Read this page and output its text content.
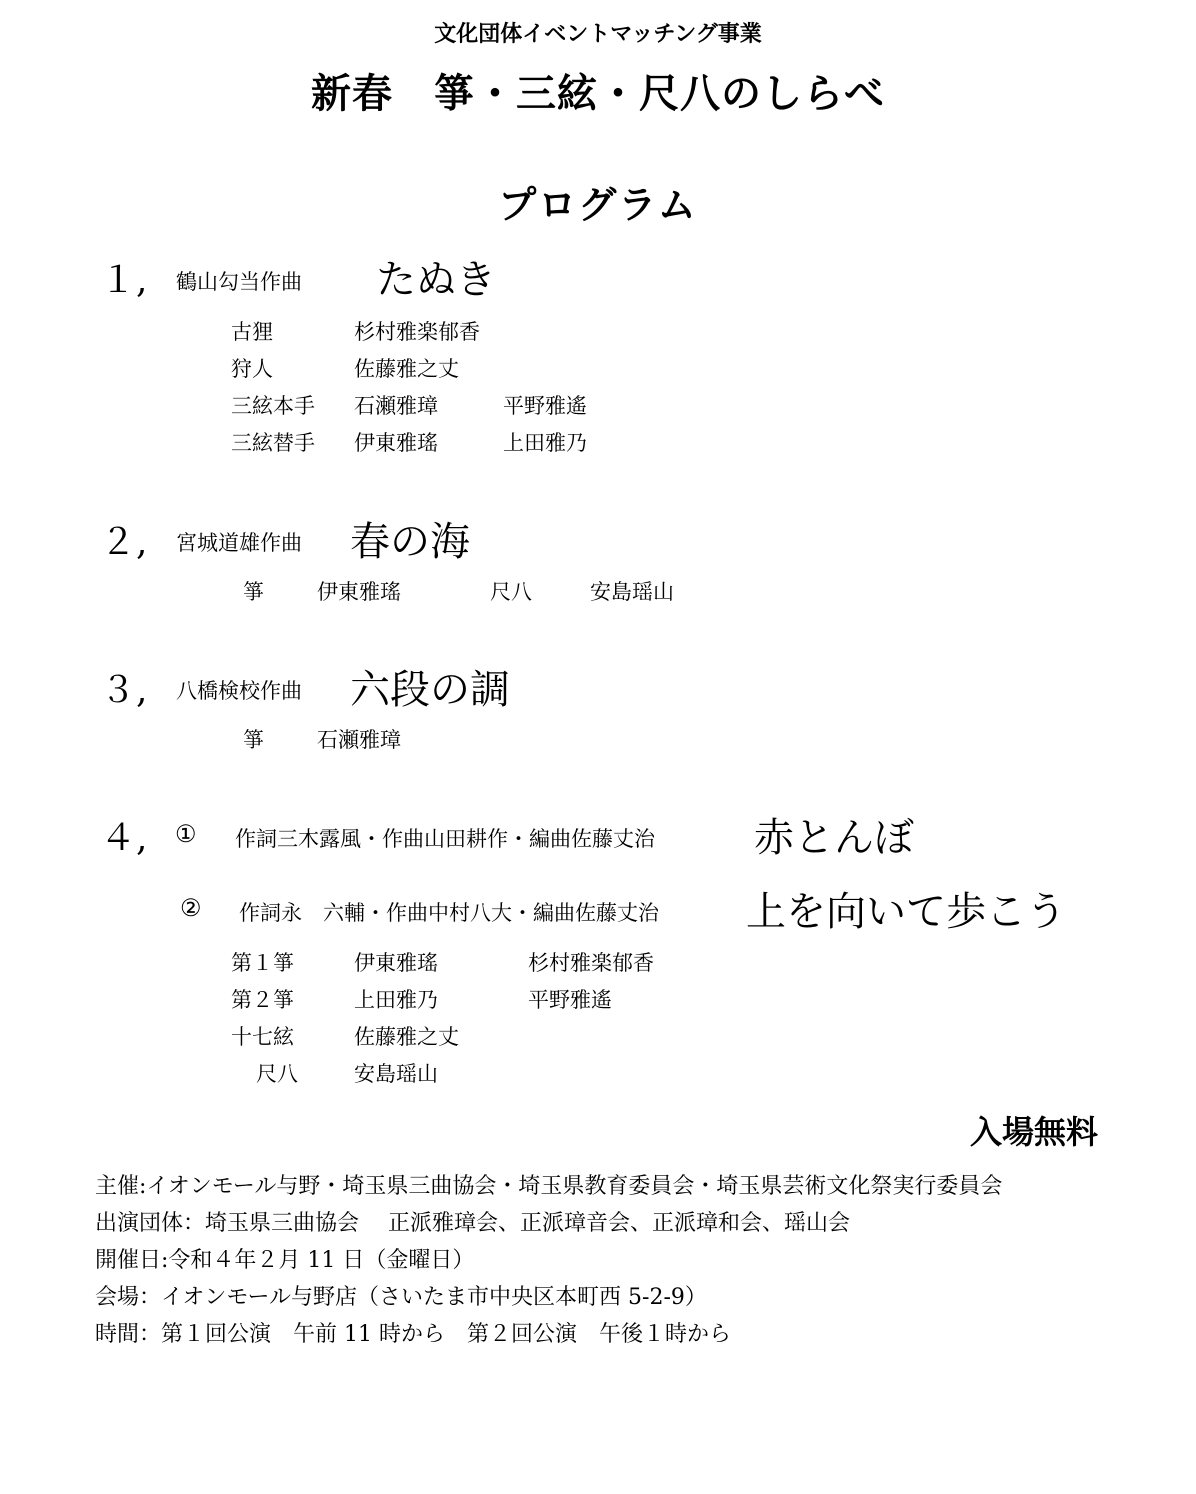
文化団体イベントマッチング事業
新春　箏・三絃・尺八のしらべ
プログラム
１, 鶴山勾当作曲 たぬき
古狸	杉村雅楽郁香
狩人	佐藤雅之丈
三絃本手 石瀬雅璋	平野雅遙
三絃替手 伊東雅瑤	上田雅乃
２, 宮城道雄作曲 春の海
箏	伊東雅瑤	尺八	安島瑶山
３, 八橋検校作曲 六段の調
箏	石瀬雅璋
４, ① 作詞三木露風・作曲山田耕作・編曲佐藤丈治 赤とんぼ
② 作詞永　六輔・作曲中村八大・編曲佐藤丈治 上を向いて歩こう
第１箏	伊東雅瑤	杉村雅楽郁香
第２箏	上田雅乃	平野雅遙
十七絃	佐藤雅之丈
尺八	安島瑶山
入場無料
主催:イオンモール与野・埼玉県三曲協会・埼玉県教育委員会・埼玉県芸術文化祭実行委員会
出演団体：埼玉県三曲協会　 正派雅璋会、正派璋音会、正派璋和会、瑶山会
開催日:令和４年２月 11 日（金曜日）
会場：イオンモール与野店（さいたま市中央区本町西 5-2-9）
時間：第１回公演　午前 11 時から　第２回公演　午後１時から
